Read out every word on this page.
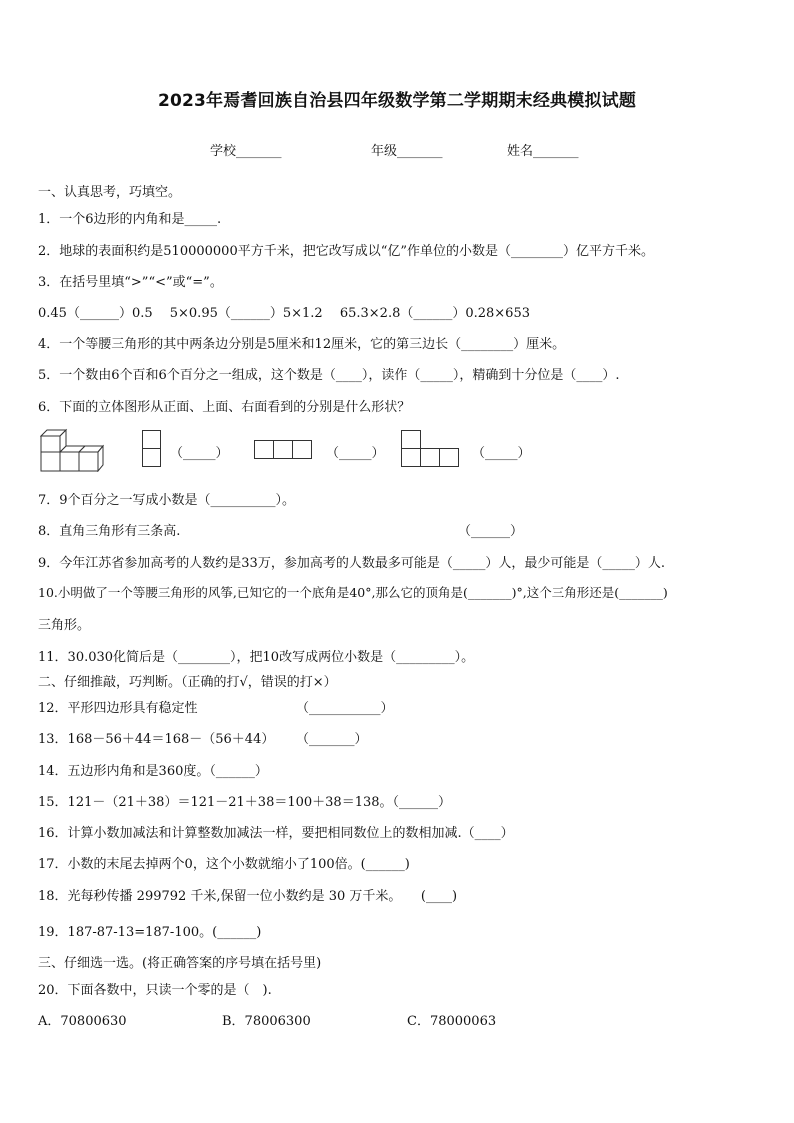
2023年焉耆回族自治县四年级数学第二学期期末经典模拟试题
学校_______	年级_______	姓名_______
一、认真思考，巧填空。
1．一个6边形的内角和是_____.
2．地球的表面积约是510000000平方千米，把它改写成以“亿”作单位的小数是（________）亿平方千米。
3．在括号里填“>”“<”或“=”。
0.45（______）0.5　 5×0.95（______）5×1.2　 65.3×2.8（______）0.28×653
4．一个等腰三角形的其中两条边分别是5厘米和12厘米，它的第三边长（________）厘米。
5．一个数由6个百和6个百分之一组成，这个数是（____），读作（_____），精确到十分位是（____）.
6．下面的立体图形从正面、上面、右面看到的分别是什么形状？
（_____）	（_____）	（_____）
7．9个百分之一写成小数是（__________）。
8．直角三角形有三条高.	（______）
9．今年江苏省参加高考的人数约是33万，参加高考的人数最多可能是（_____）人，最少可能是（_____）人.
10.小明做了一个等腰三角形的风筝,已知它的一个底角是40°,那么它的顶角是(_______)°,这个三角形还是(_______)
三角形。
11．30.030化简后是（________），把10改写成两位小数是（_________）。
二、仔细推敲，巧判断。（正确的打√，错误的打×）
12．平形四边形具有稳定性	（___________）
13．168－56＋44＝168－（56＋44） （_______）
14．五边形内角和是360度。（______）
15．121－（21＋38）＝121－21＋38＝100＋38＝138。（______）
16．计算小数加减法和计算整数加减法一样，要把相同数位上的数相加减.（____）
17．小数的末尾去掉两个0，这个小数就缩小了100倍。(______)
18．光每秒传播 299792 千米,保留一位小数约是 30 万千米。　　(____)
19．187-87-13=187-100。(______)
三、仔细选一选。(将正确答案的序号填在括号里)
20．下面各数中，只读一个零的是（　).
A．70800630	B．78006300	C．78000063
